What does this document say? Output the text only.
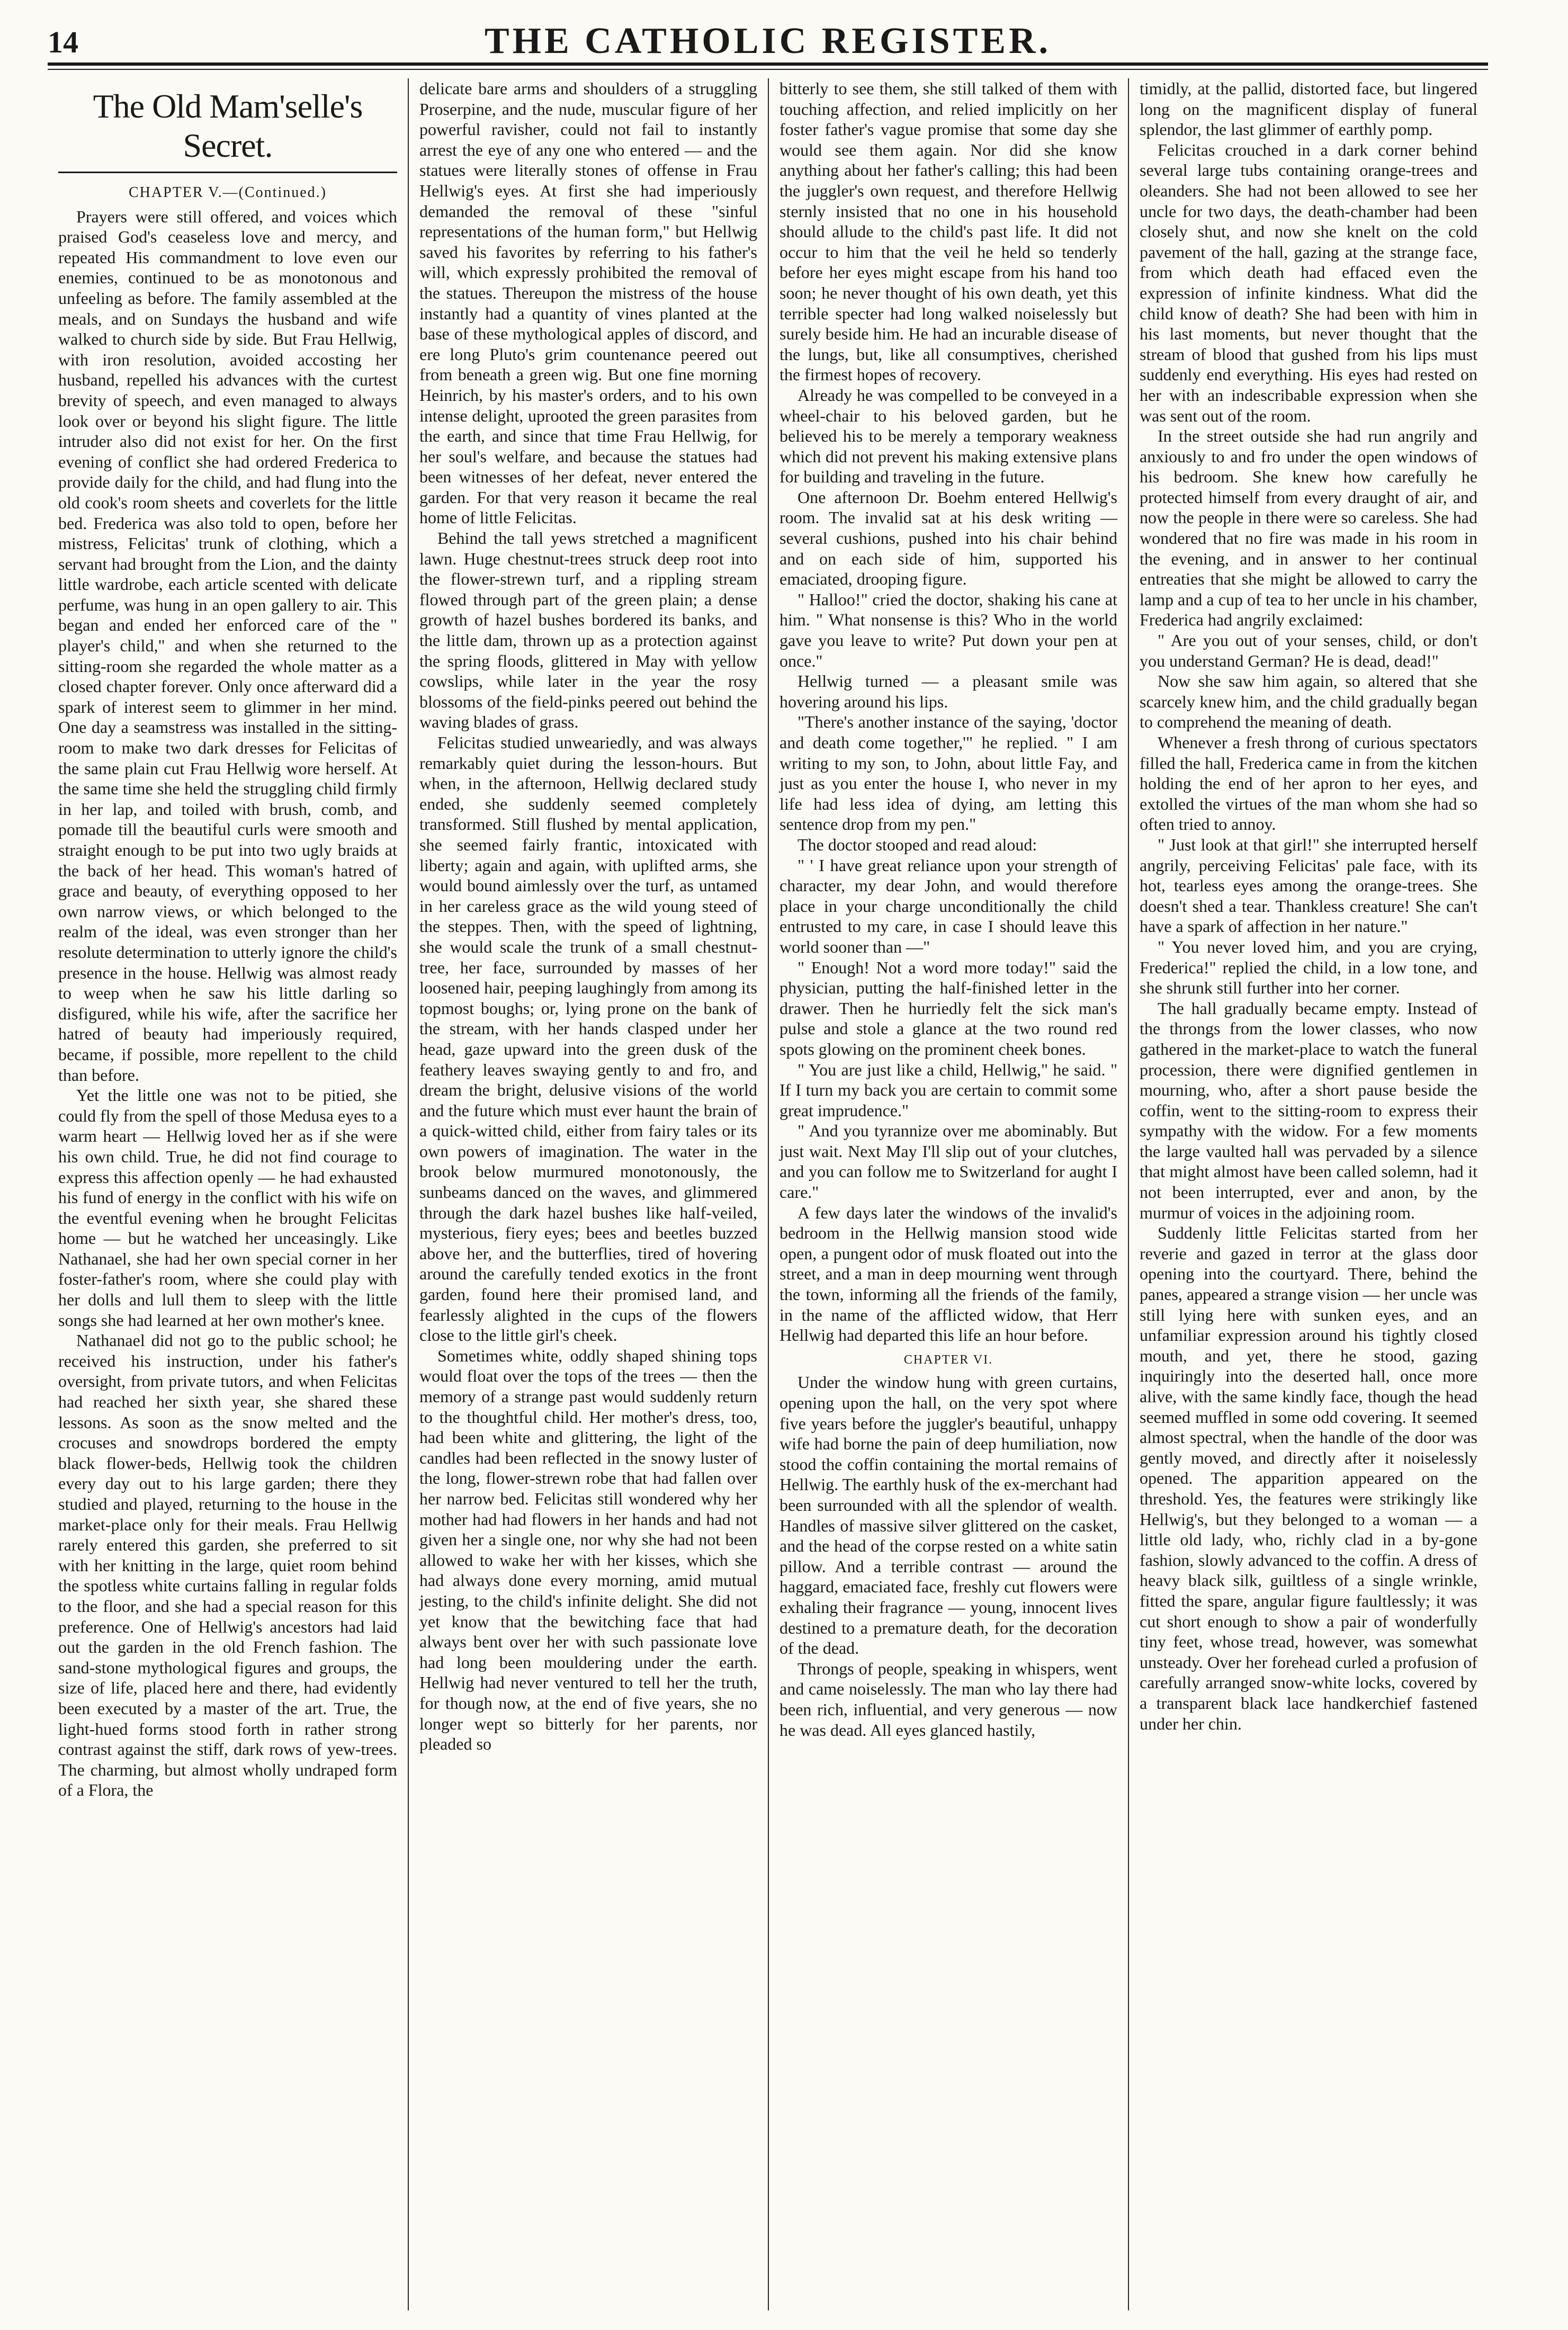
14	THE CATHOLIC REGISTER.
The Old Mam'selle's Secret.
CHAPTER V.—(Continued.)

Prayers were still offered, and voices which praised God's ceaseless love and mercy, and repeated His commandment to love even our enemies, continued to be as monotonous and unfeeling as before. The family assembled at the meals, and on Sundays the husband and wife walked to church side by side. But Frau Hellwig, with iron resolution, avoided accosting her husband, repelled his advances with the curtest brevity of speech, and even managed to always look over or beyond his slight figure. The little intruder also did not exist for her. On the first evening of conflict she had ordered Frederica to provide daily for the child, and had flung into the old cook's room sheets and coverlets for the little bed. Frederica was also told to open, before her mistress, Felicitas' trunk of clothing, which a servant had brought from the Lion, and the dainty little wardrobe, each article scented with delicate perfume, was hung in an open gallery to air. This began and ended her enforced care of the " player's child," and when she returned to the sitting-room she regarded the whole matter as a closed chapter forever. Only once afterward did a spark of interest seem to glimmer in her mind. One day a seamstress was installed in the sitting-room to make two dark dresses for Felicitas of the same plain cut Frau Hellwig wore herself. At the same time she held the struggling child firmly in her lap, and toiled with brush, comb, and pomade till the beautiful curls were smooth and straight enough to be put into two ugly braids at the back of her head. This woman's hatred of grace and beauty, of everything opposed to her own narrow views, or which belonged to the realm of the ideal, was even stronger than her resolute determination to utterly ignore the child's presence in the house. Hellwig was almost ready to weep when he saw his little darling so disfigured, while his wife, after the sacrifice her hatred of beauty had imperiously required, became, if possible, more repellent to the child than before.

Yet the little one was not to be pitied, she could fly from the spell of those Medusa eyes to a warm heart — Hellwig loved her as if she were his own child. True, he did not find courage to express this affection openly — he had exhausted his fund of energy in the conflict with his wife on the eventful evening when he brought Felicitas home — but he watched her unceasingly. Like Nathanael, she had her own special corner in her foster-father's room, where she could play with her dolls and lull them to sleep with the little songs she had learned at her own mother's knee.

Nathanael did not go to the public school; he received his instruction, under his father's oversight, from private tutors, and when Felicitas had reached her sixth year, she shared these lessons. As soon as the snow melted and the crocuses and snowdrops bordered the empty black flower-beds, Hellwig took the children every day out to his large garden; there they studied and played, returning to the house in the market-place only for their meals. Frau Hellwig rarely entered this garden, she preferred to sit with her knitting in the large, quiet room behind the spotless white curtains falling in regular folds to the floor, and she had a special reason for this preference. One of Hellwig's ancestors had laid out the garden in the old French fashion. The sand-stone mythological figures and groups, the size of life, placed here and there, had evidently been executed by a master of the art. True, the light-hued forms stood forth in rather strong contrast against the stiff, dark rows of yew-trees. The charming, but almost wholly undraped form of a Flora, the

delicate bare arms and shoulders of a struggling Proserpine, and the nude, muscular figure of her powerful ravisher, could not fail to instantly arrest the eye of any one who entered — and the statues were literally stones of offense in Frau Hellwig's eyes. At first she had imperiously demanded the removal of these "sinful representations of the human form," but Hellwig saved his favorites by referring to his father's will, which expressly prohibited the removal of the statues. Thereupon the mistress of the house instantly had a quantity of vines planted at the base of these mythological apples of discord, and ere long Pluto's grim countenance peered out from beneath a green wig. But one fine morning Heinrich, by his master's orders, and to his own intense delight, uprooted the green parasites from the earth, and since that time Frau Hellwig, for her soul's welfare, and because the statues had been witnesses of her defeat, never entered the garden. For that very reason it became the real home of little Felicitas.

Behind the tall yews stretched a magnificent lawn. Huge chestnut-trees struck deep root into the flower-strewn turf, and a rippling stream flowed through part of the green plain; a dense growth of hazel bushes bordered its banks, and the little dam, thrown up as a protection against the spring floods, glittered in May with yellow cowslips, while later in the year the rosy blossoms of the field-pinks peered out behind the waving blades of grass.

Felicitas studied unweariedly, and was always remarkably quiet during the lesson-hours. But when, in the afternoon, Hellwig declared study ended, she suddenly seemed completely transformed. Still flushed by mental application, she seemed fairly frantic, intoxicated with liberty; again and again, with uplifted arms, she would bound aimlessly over the turf, as untamed in her careless grace as the wild young steed of the steppes. Then, with the speed of lightning, she would scale the trunk of a small chestnut-tree, her face, surrounded by masses of her loosened hair, peeping laughingly from among its topmost boughs; or, lying prone on the bank of the stream, with her hands clasped under her head, gaze upward into the green dusk of the feathery leaves swaying gently to and fro, and dream the bright, delusive visions of the world and the future which must ever haunt the brain of a quick-witted child, either from fairy tales or its own powers of imagination. The water in the brook below murmured monotonously, the sunbeams danced on the waves, and glimmered through the dark hazel bushes like half-veiled, mysterious, fiery eyes; bees and beetles buzzed above her, and the butterflies, tired of hovering around the carefully tended exotics in the front garden, found here their promised land, and fearlessly alighted in the cups of the flowers close to the little girl's cheek.

Sometimes white, oddly shaped shining tops would float over the tops of the trees — then the memory of a strange past would suddenly return to the thoughtful child. Her mother's dress, too, had been white and glittering, the light of the candles had been reflected in the snowy luster of the long, flower-strewn robe that had fallen over her narrow bed. Felicitas still wondered why her mother had had flowers in her hands and had not given her a single one, nor why she had not been allowed to wake her with her kisses, which she had always done every morning, amid mutual jesting, to the child's infinite delight. She did not yet know that the bewitching face that had always bent over her with such passionate love had long been mouldering under the earth. Hellwig had never ventured to tell her the truth, for though now, at the end of five years, she no longer wept so bitterly for her parents, nor pleaded so

bitterly to see them, she still talked of them with touching affection, and relied implicitly on her foster father's vague promise that some day she would see them again. Nor did she know anything about her father's calling; this had been the juggler's own request, and therefore Hellwig sternly insisted that no one in his household should allude to the child's past life. It did not occur to him that the veil he held so tenderly before her eyes might escape from his hand too soon; he never thought of his own death, yet this terrible specter had long walked noiselessly but surely beside him. He had an incurable disease of the lungs, but, like all consumptives, cherished the firmest hopes of recovery.

Already he was compelled to be conveyed in a wheel-chair to his beloved garden, but he believed his to be merely a temporary weakness which did not prevent his making extensive plans for building and traveling in the future.

One afternoon Dr. Boehm entered Hellwig's room. The invalid sat at his desk writing — several cushions, pushed into his chair behind and on each side of him, supported his emaciated, drooping figure.

" Halloo!" cried the doctor, shaking his cane at him. " What nonsense is this? Who in the world gave you leave to write? Put down your pen at once."

Hellwig turned — a pleasant smile was hovering around his lips.

"There's another instance of the saying, 'doctor and death come together,'" he replied. " I am writing to my son, to John, about little Fay, and just as you enter the house I, who never in my life had less idea of dying, am letting this sentence drop from my pen."

The doctor stooped and read aloud:

" ' I have great reliance upon your strength of character, my dear John, and would therefore place in your charge unconditionally the child entrusted to my care, in case I should leave this world sooner than —"

" Enough! Not a word more today!" said the physician, putting the half-finished letter in the drawer. Then he hurriedly felt the sick man's pulse and stole a glance at the two round red spots glowing on the prominent cheek bones.

" You are just like a child, Hellwig," he said. " If I turn my back you are certain to commit some great imprudence."

" And you tyrannize over me abominably. But just wait. Next May I'll slip out of your clutches, and you can follow me to Switzerland for aught I care."

A few days later the windows of the invalid's bedroom in the Hellwig mansion stood wide open, a pungent odor of musk floated out into the street, and a man in deep mourning went through the town, informing all the friends of the family, in the name of the afflicted widow, that Herr Hellwig had departed this life an hour before.

CHAPTER VI.

Under the window hung with green curtains, opening upon the hall, on the very spot where five years before the juggler's beautiful, unhappy wife had borne the pain of deep humiliation, now stood the coffin containing the mortal remains of Hellwig. The earthly husk of the ex-merchant had been surrounded with all the splendor of wealth. Handles of massive silver glittered on the casket, and the head of the corpse rested on a white satin pillow. And a terrible contrast — around the haggard, emaciated face, freshly cut flowers were exhaling their fragrance — young, innocent lives destined to a premature death, for the decoration of the dead.

Throngs of people, speaking in whispers, went and came noiselessly. The man who lay there had been rich, influential, and very generous — now he was dead. All eyes glanced hastily,

timidly, at the pallid, distorted face, but lingered long on the magnificent display of funeral splendor, the last glimmer of earthly pomp.

Felicitas crouched in a dark corner behind several large tubs containing orange-trees and oleanders. She had not been allowed to see her uncle for two days, the death-chamber had been closely shut, and now she knelt on the cold pavement of the hall, gazing at the strange face, from which death had effaced even the expression of infinite kindness. What did the child know of death? She had been with him in his last moments, but never thought that the stream of blood that gushed from his lips must suddenly end everything. His eyes had rested on her with an indescribable expression when she was sent out of the room.

In the street outside she had run angrily and anxiously to and fro under the open windows of his bedroom. She knew how carefully he protected himself from every draught of air, and now the people in there were so careless. She had wondered that no fire was made in his room in the evening, and in answer to her continual entreaties that she might be allowed to carry the lamp and a cup of tea to her uncle in his chamber, Frederica had angrily exclaimed:

" Are you out of your senses, child, or don't you understand German? He is dead, dead!"

Now she saw him again, so altered that she scarcely knew him, and the child gradually began to comprehend the meaning of death.

Whenever a fresh throng of curious spectators filled the hall, Frederica came in from the kitchen holding the end of her apron to her eyes, and extolled the virtues of the man whom she had so often tried to annoy.

" Just look at that girl!" she interrupted herself angrily, perceiving Felicitas' pale face, with its hot, tearless eyes among the orange-trees. She doesn't shed a tear. Thankless creature! She can't have a spark of affection in her nature."

" You never loved him, and you are crying, Frederica!" replied the child, in a low tone, and she shrunk still further into her corner.

The hall gradually became empty. Instead of the throngs from the lower classes, who now gathered in the market-place to watch the funeral procession, there were dignified gentlemen in mourning, who, after a short pause beside the coffin, went to the sitting-room to express their sympathy with the widow. For a few moments the large vaulted hall was pervaded by a silence that might almost have been called solemn, had it not been interrupted, ever and anon, by the murmur of voices in the adjoining room.

Suddenly little Felicitas started from her reverie and gazed in terror at the glass door opening into the courtyard. There, behind the panes, appeared a strange vision — her uncle was still lying here with sunken eyes, and an unfamiliar expression around his tightly closed mouth, and yet, there he stood, gazing inquiringly into the deserted hall, once more alive, with the same kindly face, though the head seemed muffled in some odd covering. It seemed almost spectral, when the handle of the door was gently moved, and directly after it noiselessly opened. The apparition appeared on the threshold. Yes, the features were strikingly like Hellwig's, but they belonged to a woman — a little old lady, who, richly clad in a by-gone fashion, slowly advanced to the coffin. A dress of heavy black silk, guiltless of a single wrinkle, fitted the spare, angular figure faultlessly; it was cut short enough to show a pair of wonderfully tiny feet, whose tread, however, was somewhat unsteady. Over her forehead curled a profusion of carefully arranged snow-white locks, covered by a transparent black lace handkerchief fastened under her chin.
